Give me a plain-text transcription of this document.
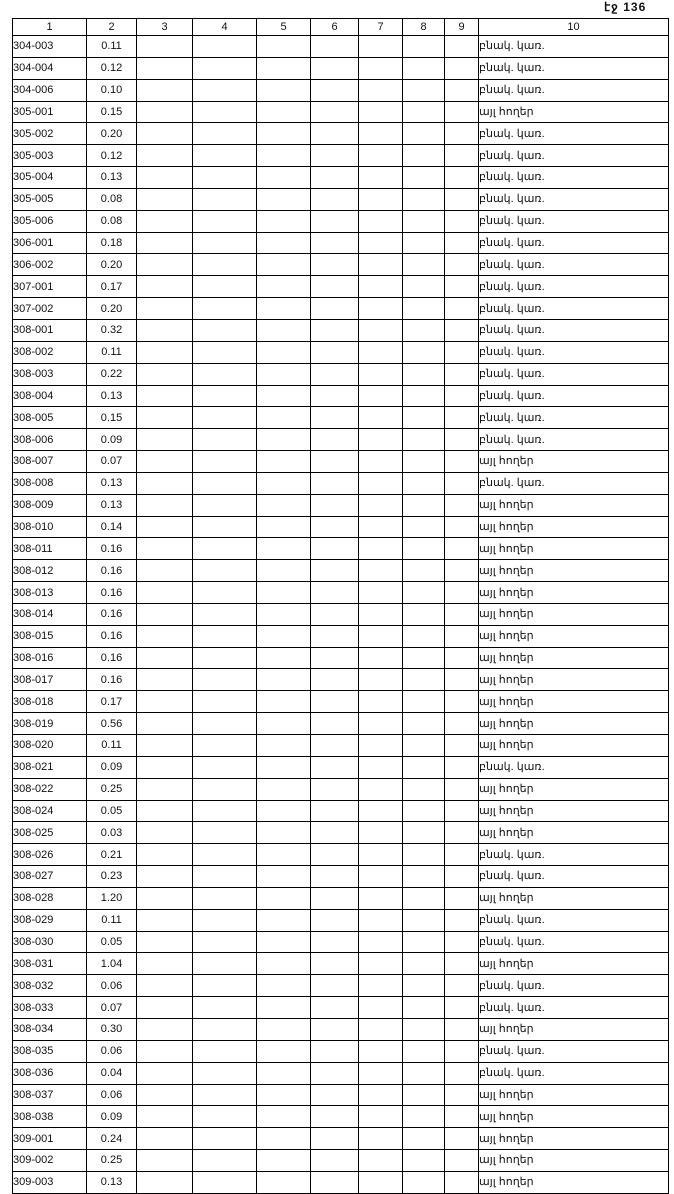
էջ 136
1	2	3	4	5	6	7	8	9	10
304-003	0.11								բնակ. կառ.
304-004	0.12								բնակ. կառ.
304-006	0.10								բնակ. կառ.
305-001	0.15								այլ հողեր
305-002	0.20								բնակ. կառ.
305-003	0.12								բնակ. կառ.
305-004	0.13								բնակ. կառ.
305-005	0.08								բնակ. կառ.
305-006	0.08								բնակ. կառ.
306-001	0.18								բնակ. կառ.
306-002	0.20								բնակ. կառ.
307-001	0.17								բնակ. կառ.
307-002	0.20								բնակ. կառ.
308-001	0.32								բնակ. կառ.
308-002	0.11								բնակ. կառ.
308-003	0.22								բնակ. կառ.
308-004	0.13								բնակ. կառ.
308-005	0.15								բնակ. կառ.
308-006	0.09								բնակ. կառ.
308-007	0.07								այլ հողեր
308-008	0.13								բնակ. կառ.
308-009	0.13								այլ հողեր
308-010	0.14								այլ հողեր
308-011	0.16								այլ հողեր
308-012	0.16								այլ հողեր
308-013	0.16								այլ հողեր
308-014	0.16								այլ հողեր
308-015	0.16								այլ հողեր
308-016	0.16								այլ հողեր
308-017	0.16								այլ հողեր
308-018	0.17								այլ հողեր
308-019	0.56								այլ հողեր
308-020	0.11								այլ հողեր
308-021	0.09								բնակ. կառ.
308-022	0.25								այլ հողեր
308-024	0.05								այլ հողեր
308-025	0.03								այլ հողեր
308-026	0.21								բնակ. կառ.
308-027	0.23								բնակ. կառ.
308-028	1.20								այլ հողեր
308-029	0.11								բնակ. կառ.
308-030	0.05								բնակ. կառ.
308-031	1.04								այլ հողեր
308-032	0.06								բնակ. կառ.
308-033	0.07								բնակ. կառ.
308-034	0.30								այլ հողեր
308-035	0.06								բնակ. կառ.
308-036	0.04								բնակ. կառ.
308-037	0.06								այլ հողեր
308-038	0.09								այլ հողեր
309-001	0.24								այլ հողեր
309-002	0.25								այլ հողեր
309-003	0.13								այլ հողեր
